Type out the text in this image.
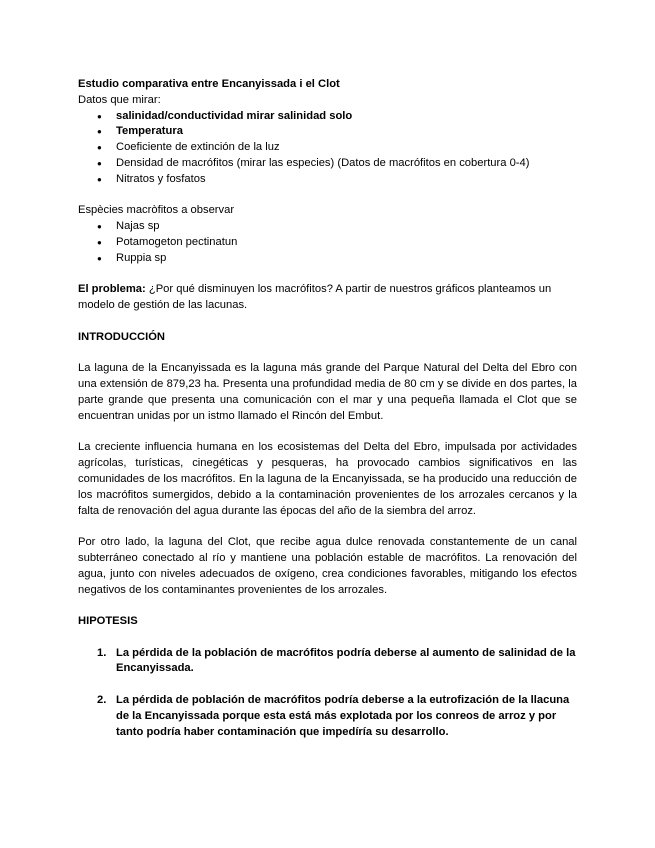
Estudio comparativa entre Encanyissada i el Clot

Datos que mirar:

● salinidad/conductividad mirar salinidad solo
● Temperatura
● Coeficiente de extinción de la luz
● Densidad de macrófitos (mirar las especies) (Datos de macrófitos en cobertura 0-4)
● Nitratos y fosfatos

Espècies macròfitos a observar

● Najas sp
● Potamogeton pectinatun
● Ruppia sp

El problema: ¿Por qué disminuyen los macrófitos? A partir de nuestros gráficos planteamos un modelo de gestión de las lacunas.

INTRODUCCIÓN

La laguna de la Encanyissada es la laguna más grande del Parque Natural del Delta del Ebro con una extensión de 879,23 ha. Presenta una profundidad media de 80 cm y se divide en dos partes, la parte grande que presenta una comunicación con el mar y una pequeña llamada el Clot que se encuentran unidas por un istmo llamado el Rincón del Embut.

La creciente influencia humana en los ecosistemas del Delta del Ebro, impulsada por actividades agrícolas, turísticas, cinegéticas y pesqueras, ha provocado cambios significativos en las comunidades de los macrófitos. En la laguna de la Encanyissada, se ha producido una reducción de los macrófitos sumergidos, debido a la contaminación provenientes de los arrozales cercanos y la falta de renovación del agua durante las épocas del año de la siembra del arroz.

Por otro lado, la laguna del Clot, que recibe agua dulce renovada constantemente de un canal subterráneo conectado al río y mantiene una población estable de macrófitos. La renovación del agua, junto con niveles adecuados de oxígeno, crea condiciones favorables, mitigando los efectos negativos de los contaminantes provenientes de los arrozales.

HIPOTESIS

1. La pérdida de la población de macrófitos podría deberse al aumento de salinidad de la Encanyissada.
2. La pérdida de población de macrófitos podría deberse a la eutrofización de la llacuna de la Encanyissada porque esta está más explotada por los conreos de arroz y por tanto podría haber contaminación que impedíría su desarrollo.
